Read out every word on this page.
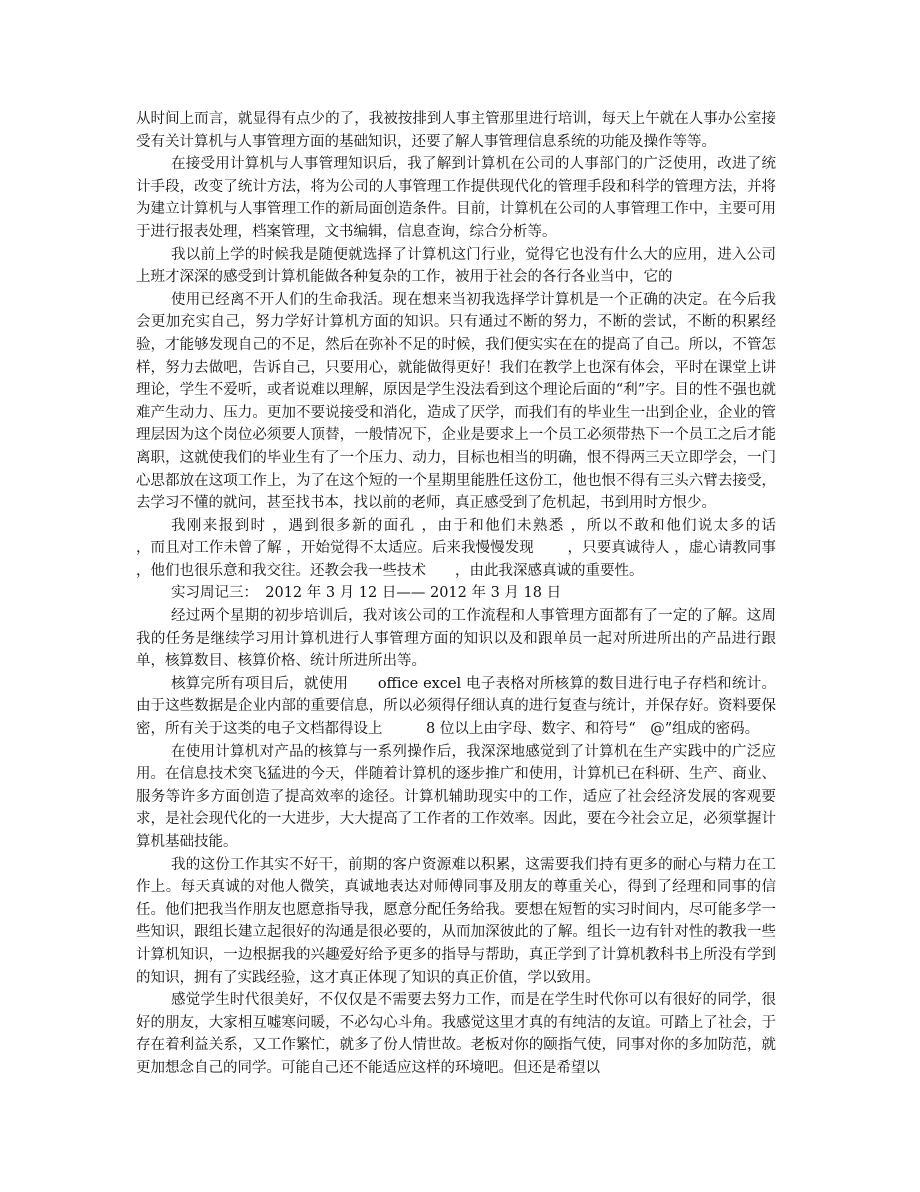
从时间上而言，就显得有点少的了，我被按排到人事主管那里进行培训，每天上午就在人事办公室接受有关计算机与人事管理方面的基础知识，还要了解人事管理信息系统的功能及操作等等。

在接受用计算机与人事管理知识后，我了解到计算机在公司的人事部门的广泛使用，改进了统计手段，改变了统计方法，将为公司的人事管理工作提供现代化的管理手段和科学的管理方法，并将为建立计算机与人事管理工作的新局面创造条件。目前，计算机在公司的人事管理工作中，主要可用于进行报表处理，档案管理，文书编辑，信息查询，综合分析等。

我以前上学的时候我是随便就选择了计算机这门行业，觉得它也没有什么大的应用，进入公司上班才深深的感受到计算机能做各种复杂的工作，被用于社会的各行各业当中，它的

使用已经离不开人们的生命我活。现在想来当初我选择学计算机是一个正确的决定。在今后我会更加充实自己，努力学好计算机方面的知识。只有通过不断的努力，不断的尝试，不断的积累经验，才能够发现自己的不足，然后在弥补不足的时候，我们便实实在在的提高了自己。所以，不管怎样，努力去做吧，告诉自己，只要用心，就能做得更好！我们在教学上也深有体会，平时在课堂上讲理论，学生不爱听，或者说难以理解，原因是学生没法看到这个理论后面的“利”字。目的性不强也就难产生动力、压力。更加不要说接受和消化，造成了厌学，而我们有的毕业生一出到企业，企业的管理层因为这个岗位必须要人顶替，一般情况下，企业是要求上一个员工必须带热下一个员工之后才能离职，这就使我们的毕业生有了一个压力、动力，目标也相当的明确，恨不得两三天立即学会，一门心思都放在这项工作上，为了在这个短的一个星期里能胜任这份工，他也恨不得有三头六臂去接受，去学习不懂的就问，甚至找书本，找以前的老师，真正感受到了危机起，书到用时方恨少。

我刚来报到时 ，遇到很多新的面孔 ，由于和他们未熟悉 ，所以不敢和他们说太多的话　　　，而且对工作未曾了解 ，开始觉得不太适应。后来我慢慢发现　　 ，只要真诚待人 ，虚心请教同事 ，他们也很乐意和我交往。还教会我一些技术　　，由此我深感真诚的重要性。

实习周记三：　2012 年 3 月 12 日—— 2012 年 3 月 18 日

经过两个星期的初步培训后，我对该公司的工作流程和人事管理方面都有了一定的了解。这周我的任务是继续学习用计算机进行人事管理方面的知识以及和跟单员一起对所进所出的产品进行跟单，核算数目、核算价格、统计所进所出等。

核算完所有项目后，就使用　　office excel 电子表格对所核算的数目进行电子存档和统计。由于这些数据是企业内部的重要信息，所以必须得仔细认真的进行复查与统计，并保存好。资料要保密，所有关于这类的电子文档都得设上　　　8 位以上由字母、数字、和符号“　@”组成的密码。

在使用计算机对产品的核算与一系列操作后，我深深地感觉到了计算机在生产实践中的广泛应用。在信息技术突飞猛进的今天，伴随着计算机的逐步推广和使用，计算机已在科研、生产、商业、服务等许多方面创造了提高效率的途径。计算机辅助现实中的工作，适应了社会经济发展的客观要求，是社会现代化的一大进步，大大提高了工作者的工作效率。因此，要在今社会立足，必须掌握计算机基础技能。

我的这份工作其实不好干，前期的客户资源难以积累，这需要我们持有更多的耐心与精力在工作上。每天真诚的对他人微笑，真诚地表达对师傅同事及朋友的尊重关心，得到了经理和同事的信任。他们把我当作朋友也愿意指导我，愿意分配任务给我。要想在短暂的实习时间内，尽可能多学一些知识，跟组长建立起很好的沟通是很必要的，从而加深彼此的了解。组长一边有针对性的教我一些计算机知识，一边根据我的兴趣爱好给予更多的指导与帮助，真正学到了计算机教科书上所没有学到的知识，拥有了实践经验，这才真正体现了知识的真正价值，学以致用。

感觉学生时代很美好，不仅仅是不需要去努力工作，而是在学生时代你可以有很好的同学，很好的朋友，大家相互嘘寒问暖，不必勾心斗角。我感觉这里才真的有纯洁的友谊。可踏上了社会，于存在着利益关系，又工作繁忙，就多了份人情世故。老板对你的颐指气使，同事对你的多加防范，就更加想念自己的同学。可能自己还不能适应这样的环境吧。但还是希望以
